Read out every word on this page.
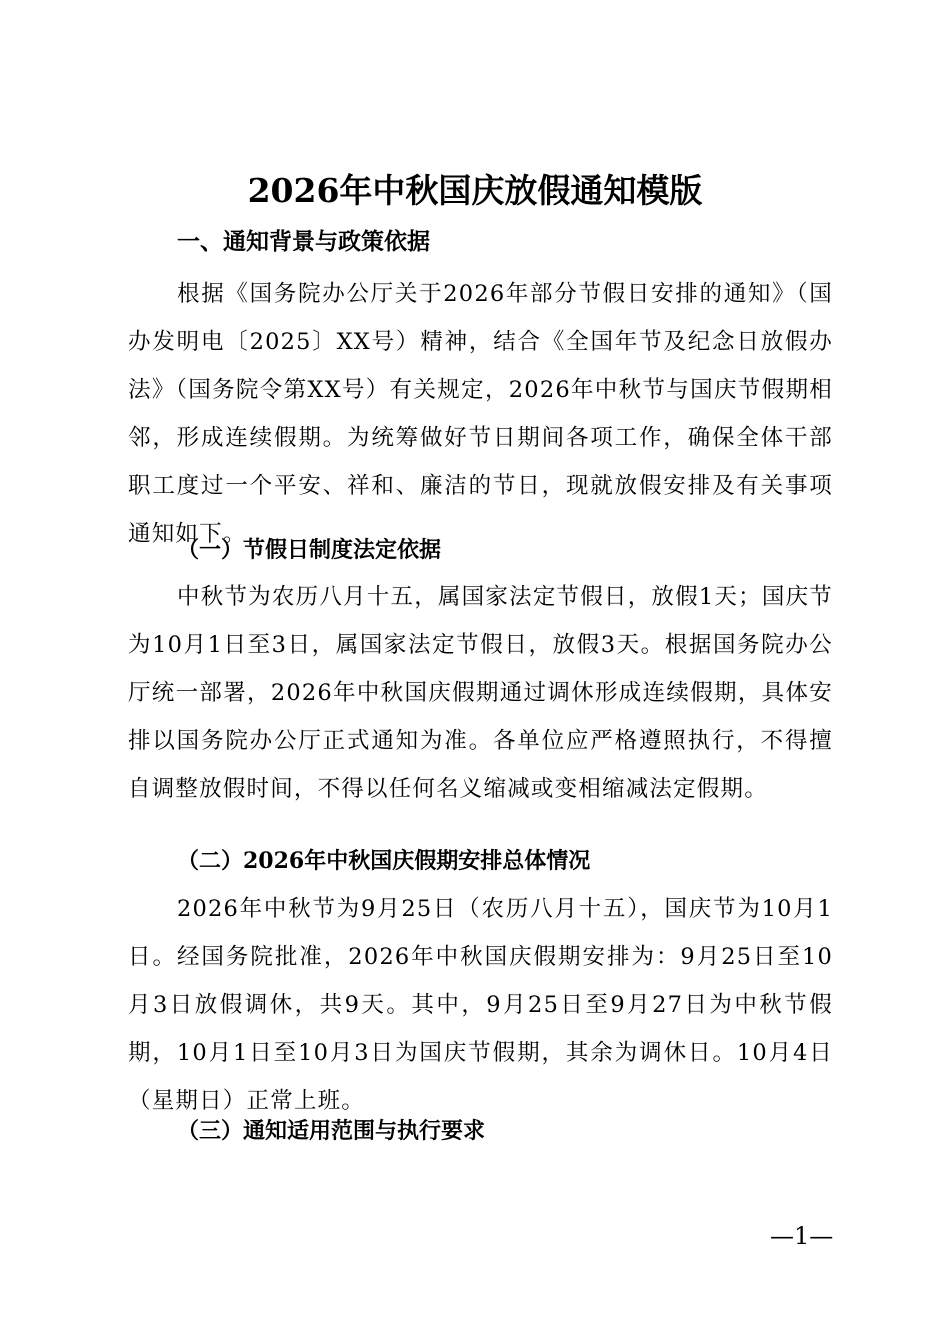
2026年中秋国庆放假通知模版
一、通知背景与政策依据

根据《国务院办公厅关于2026年部分节假日安排的通知》（国办发明电〔2025〕XX号）精神，结合《全国年节及纪念日放假办法》（国务院令第XX号）有关规定，2026年中秋节与国庆节假期相邻，形成连续假期。为统筹做好节日期间各项工作，确保全体干部职工度过一个平安、祥和、廉洁的节日，现就放假安排及有关事项通知如下。

（一）节假日制度法定依据

中秋节为农历八月十五，属国家法定节假日，放假1天；国庆节为10月1日至3日，属国家法定节假日，放假3天。根据国务院办公厅统一部署，2026年中秋国庆假期通过调休形成连续假期，具体安排以国务院办公厅正式通知为准。各单位应严格遵照执行，不得擅自调整放假时间，不得以任何名义缩减或变相缩减法定假期。

（二）2026年中秋国庆假期安排总体情况

2026年中秋节为9月25日（农历八月十五），国庆节为10月1日。经国务院批准，2026年中秋国庆假期安排为：9月25日至10月3日放假调休，共9天。其中，9月25日至9月27日为中秋节假期，10月1日至10月3日为国庆节假期，其余为调休日。10月4日（星期日）正常上班。

（三）通知适用范围与执行要求
—1—
